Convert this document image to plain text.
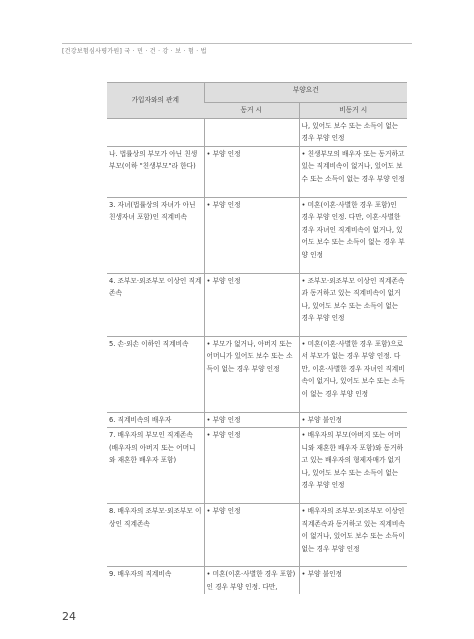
[건강보험심사평가원] 국 · 민 · 건 · 강 · 보 · 험 · 법
가입자와의 관계	부양요건	
	동거 시	비동거 시
		나, 있어도 보수 또는 소득이 없는 경우 부양 인정
나. 법률상의 부모가 아닌 친생부모(이하 "친생부모"라 한다)	• 부양 인정	• 친생부모의 배우자 또는 동거하고 있는 직계비속이 없거나, 있어도 보수 또는 소득이 없는 경우 부양 인정
3. 자녀(법률상의 자녀가 아닌 친생자녀 포함)인 직계비속	• 부양 인정	• 미혼(이혼·사별한 경우 포함)인 경우 부양 인정. 다만, 이혼·사별한 경우 자녀인 직계비속이 없거나, 있어도 보수 또는 소득이 없는 경우 부양 인정
4. 조부모·외조부모 이상인 직계존속	• 부양 인정	• 조부모·외조부모 이상인 직계존속과 동거하고 있는 직계비속이 없거나, 있어도 보수 또는 소득이 없는 경우 부양 인정
5. 손·외손 이하인 직계비속	• 부모가 없거나, 아버지 또는 어머니가 있어도 보수 또는 소득이 없는 경우 부양 인정	• 미혼(이혼·사별한 경우 포함)으로서 부모가 없는 경우 부양 인정. 다만, 이혼·사별한 경우 자녀인 직계비속이 없거나, 있어도 보수 또는 소득이 없는 경우 부양 인정
6. 직계비속의 배우자	• 부양 인정	• 부양 불인정
7. 배우자의 부모인 직계존속 (배우자의 아버지 또는 어머니와 재혼한 배우자 포함)	• 부양 인정	• 배우자의 부모(아버지 또는 어머니와 재혼한 배우자 포함)와 동거하고 있는 배우자의 형제자매가 없거나, 있어도 보수 또는 소득이 없는 경우 부양 인정
8. 배우자의 조부모·외조부모 이상인 직계존속	• 부양 인정	• 배우자의 조부모·외조부모 이상인 직계존속과 동거하고 있는 직계비속이 없거나, 있어도 보수 또는 소득이 없는 경우 부양 인정
9. 배우자의 직계비속	• 미혼(이혼·사별한 경우 포함)인 경우 부양 인정. 다만,	• 부양 불인정
24
